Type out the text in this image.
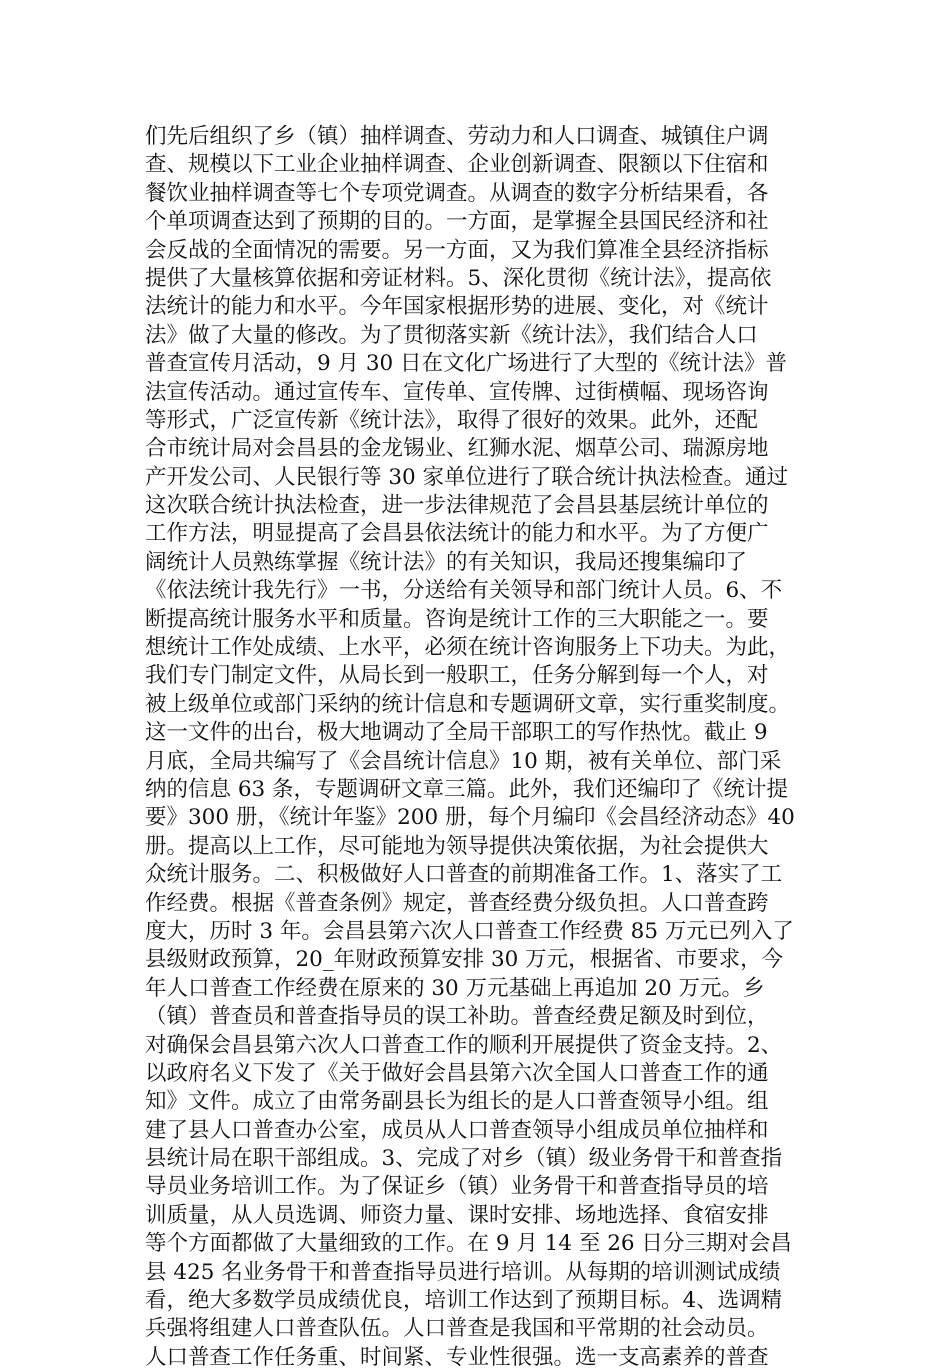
们先后组织了乡（镇）抽样调查、劳动力和人口调查、城镇住户调
查、规模以下工业企业抽样调查、企业创新调查、限额以下住宿和
餐饮业抽样调查等七个专项党调查。从调查的数字分析结果看，各
个单项调查达到了预期的目的。一方面，是掌握全县国民经济和社
会反战的全面情况的需要。另一方面，又为我们算准全县经济指标
提供了大量核算依据和旁证材料。5、深化贯彻《统计法》，提高依
法统计的能力和水平。今年国家根据形势的进展、变化，对《统计
法》做了大量的修改。为了贯彻落实新《统计法》，我们结合人口
普查宣传月活动，9 月 30 日在文化广场进行了大型的《统计法》普
法宣传活动。通过宣传车、宣传单、宣传牌、过街横幅、现场咨询
等形式，广泛宣传新《统计法》，取得了很好的效果。此外，还配
合市统计局对会昌县的金龙锡业、红狮水泥、烟草公司、瑞源房地
产开发公司、人民银行等 30 家单位进行了联合统计执法检查。通过
这次联合统计执法检查，进一步法律规范了会昌县基层统计单位的
工作方法，明显提高了会昌县依法统计的能力和水平。为了方便广
阔统计人员熟练掌握《统计法》的有关知识，我局还搜集编印了
《依法统计我先行》一书，分送给有关领导和部门统计人员。6、不
断提高统计服务水平和质量。咨询是统计工作的三大职能之一。要
想统计工作处成绩、上水平，必须在统计咨询服务上下功夫。为此，
我们专门制定文件，从局长到一般职工，任务分解到每一个人，对
被上级单位或部门采纳的统计信息和专题调研文章，实行重奖制度。
这一文件的出台，极大地调动了全局干部职工的写作热忱。截止 9
月底，全局共编写了《会昌统计信息》10 期，被有关单位、部门采
纳的信息 63 条，专题调研文章三篇。此外，我们还编印了《统计提
要》300 册，《统计年鉴》200 册，每个月编印《会昌经济动态》40
册。提高以上工作，尽可能地为领导提供决策依据，为社会提供大
众统计服务。二、积极做好人口普查的前期准备工作。1、落实了工
作经费。根据《普查条例》规定，普查经费分级负担。人口普查跨
度大，历时 3 年。会昌县第六次人口普查工作经费 85 万元已列入了
县级财政预算，20_年财政预算安排 30 万元，根据省、市要求，今
年人口普查工作经费在原来的 30 万元基础上再追加 20 万元。乡
（镇）普查员和普查指导员的误工补助。普查经费足额及时到位，
对确保会昌县第六次人口普查工作的顺利开展提供了资金支持。2、
以政府名义下发了《关于做好会昌县第六次全国人口普查工作的通
知》文件。成立了由常务副县长为组长的是人口普查领导小组。组
建了县人口普查办公室，成员从人口普查领导小组成员单位抽样和
县统计局在职干部组成。3、完成了对乡（镇）级业务骨干和普查指
导员业务培训工作。为了保证乡（镇）业务骨干和普查指导员的培
训质量，从人员选调、师资力量、课时安排、场地选择、食宿安排
等个方面都做了大量细致的工作。在 9 月 14 至 26 日分三期对会昌
县 425 名业务骨干和普查指导员进行培训。从每期的培训测试成绩
看，绝大多数学员成绩优良，培训工作达到了预期目标。4、选调精
兵强将组建人口普查队伍。人口普查是我国和平常期的社会动员。
人口普查工作任务重、时间紧、专业性很强。选一支高素养的普查
